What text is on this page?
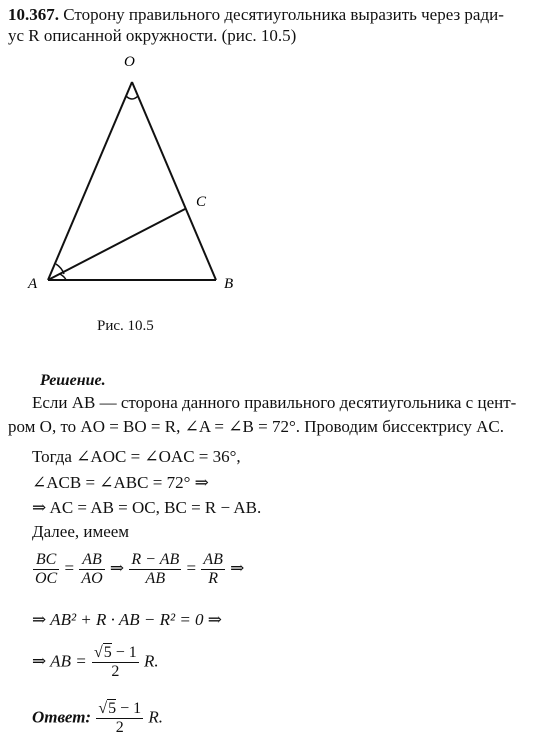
10.367. Сторону правильного десятиугольника выразить через ради-
ус R описанной окружности. (рис. 10.5)
O
A	B
C
Рис. 10.5
Решение.
Если AB — сторона данного правильного десятиугольника с цент-
ром O, то AO = BO = R, ∠A = ∠B = 72°. Проводим биссектрису AC.
Тогда ∠AOC = ∠OAC = 36°,
∠ACB = ∠ABC = 72° ⇒
⇒ AC = AB = OC, BC = R − AB.
Далее, имеем
$\frac{BC}{OC} = \frac{AB}{AO}$ ⇒ $\frac{R - AB}{AB} = \frac{AB}{R}$ ⇒
⇒ AB² + R · AB − R² = 0 ⇒
⇒ AB = $\frac{√5 - 1}{2} R$.
Ответ: $\frac{√5 - 1}{2} R$.
